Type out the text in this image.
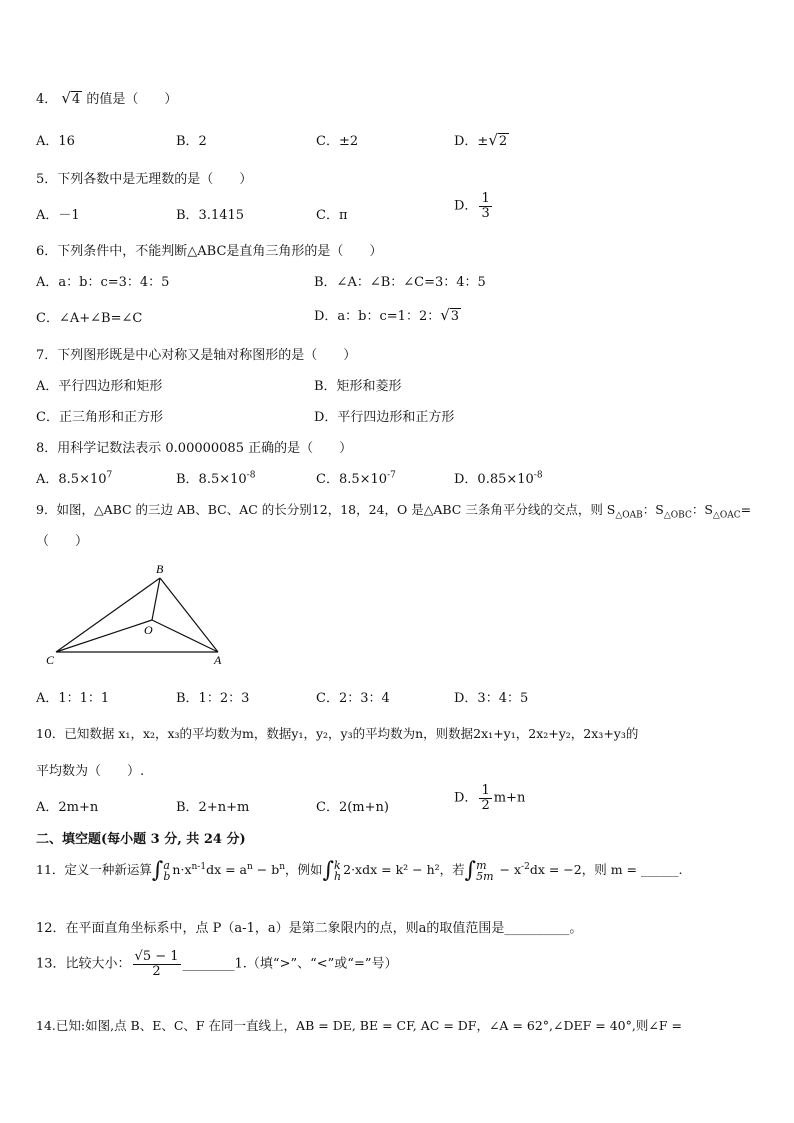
4． √4 的值是（　　）
A．16	B．2	C．±2	D．±√2
5．下列各数中是无理数的是（　　）
A．－1	B．3.1415	C．π
D． $\frac{1}{3}$
6．下列条件中，不能判断△ABC是直角三角形的是（　　）
A．a：b：c=3：4：5	B．∠A：∠B：∠C=3：4：5
C．∠A+∠B=∠C	D．a：b：c=1：2：√3
7．下列图形既是中心对称又是轴对称图形的是（　　）
A．平行四边形和矩形	B．矩形和菱形
C．正三角形和正方形	D．平行四边形和正方形
8．用科学记数法表示 0.00000085 正确的是（　　）
A．$8.5\times 10^7$	B．$8.5\times 10^{-8}$	C．$8.5\times 10^{-7}$	D．$0.85\times 10^{-8}$
9．如图，△ABC 的三边 AB、BC、AC 的长分别12，18，24，O 是△ABC 三条角平分线的交点，则 $S_{\triangle OAB}$：$S_{\triangle OBC}$：$S_{\triangle OAC}=$
（　　）
B
O
C	A
A．1：1：1	B．1：2：3	C．2：3：4	D．3：4：5
10．已知数据 x₁，x₂，x₃的平均数为m，数据y₁，y₂，y₃的平均数为n，则数据2x₁+y₁，2x₂+y₂，2x₃+y₃的
平均数为（　　）.
A．2m+n	B．2+n+m	C．2(m+n)
D． $\frac{1}{2} m+n$
二、填空题(每小题 3 分, 共 24 分)
11．定义一种新运算∫ a
b $n\cdot x^{n-1}dx = a^n - b^n$，例如∫ k
h 2·xdx = k² − h²，若∫ m
$5m - x^{-2}dx = -2$，则 m = ______.
12．在平面直角坐标系中，点 P（a-1，a）是第二象限内的点，则a的取值范围是__________。
13．比较大小： $\frac{√5 - 1}{2}$ ________1.（填“>”、“<”或“=”号）
14.已知:如图,点 B、E、C、F 在同一直线上，AB = DE, BE = CF, AC = DF，∠A = 62°,∠DEF = 40°,则∠F =
